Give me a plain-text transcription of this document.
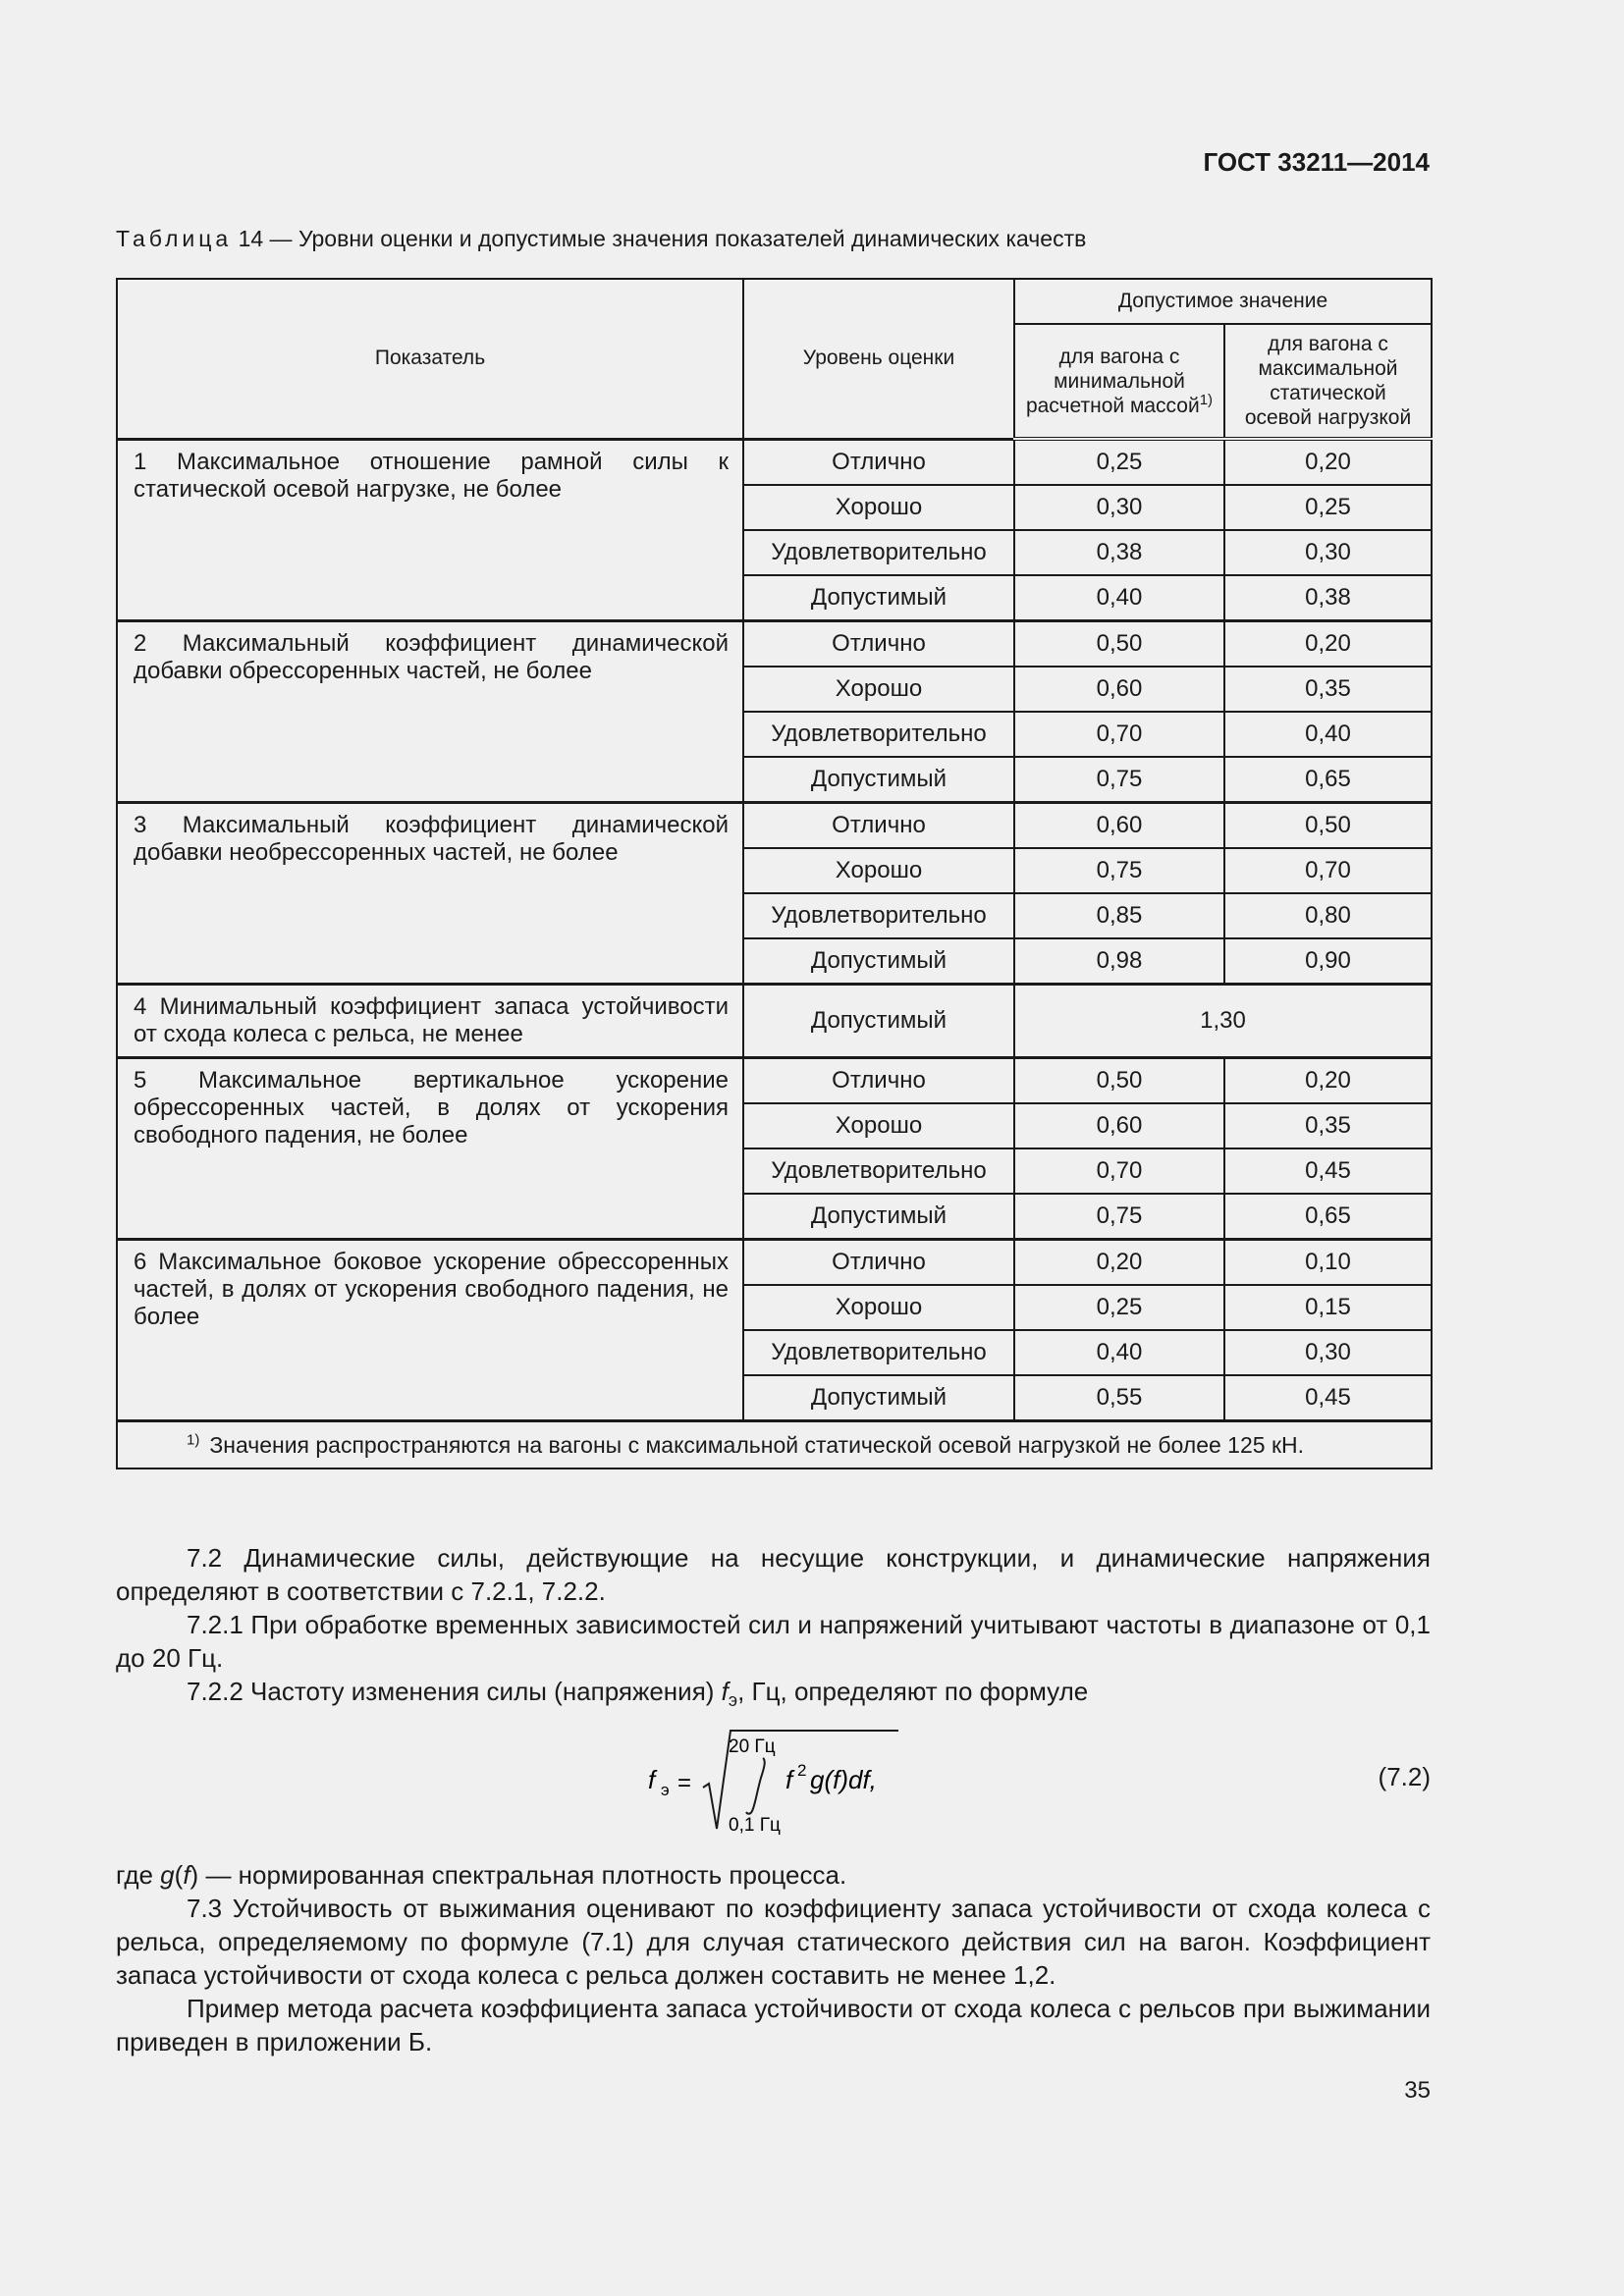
ГОСТ 33211—2014
Таблица 14 — Уровни оценки и допустимые значения показателей динамических качеств
Показатель	Уровень оценки	Допустимое значение	
		для вагона с минимальной расчетной массой$^{1)}$	для вагона с максимальной статической осевой нагрузкой
1 Максимальное отношение рамной силы к статической осевой нагрузке, не более	Отлично	0,25	0,20
	Хорошо	0,30	0,25
	Удовлетворительно	0,38	0,30
	Допустимый	0,40	0,38
2 Максимальный коэффициент динамической добавки обрессоренных частей, не более	Отлично	0,50	0,20
	Хорошо	0,60	0,35
	Удовлетворительно	0,70	0,40
	Допустимый	0,75	0,65
3 Максимальный коэффициент динамической добавки необрессоренных частей, не более	Отлично	0,60	0,50
	Хорошо	0,75	0,70
	Удовлетворительно	0,85	0,80
	Допустимый	0,98	0,90
4 Минимальный коэффициент запаса устойчивости от схода колеса с рельса, не менее	Допустимый	1,30	
5 Максимальное вертикальное ускорение обрессоренных частей, в долях от ускорения свободного падения, не более	Отлично	0,50	0,20
	Хорошо	0,60	0,35
	Удовлетворительно	0,70	0,45
	Допустимый	0,75	0,65
6 Максимальное боковое ускорение обрессоренных частей, в долях от ускорения свободного падения, не более	Отлично	0,20	0,10
	Хорошо	0,25	0,15
	Удовлетворительно	0,40	0,30
	Допустимый	0,55	0,45
$^{1)}$ Значения распространяются на вагоны с максимальной статической осевой нагрузкой не более 125 кН.			

7.2 Динамические силы, действующие на несущие конструкции, и динамические напряжения определяют в соответствии с 7.2.1, 7.2.2.

7.2.1 При обработке временных зависимостей сил и напряжений учитывают частоты в диапазоне от 0,1 до 20 Гц.

7.2.2 Частоту изменения силы (напряжения) $f_э$, Гц, определяют по формуле

f э =
20 Гц
0,1 Гц
f 2 g(f)df,	(7.2)

где g(f) — нормированная спектральная плотность процесса.

7.3 Устойчивость от выжимания оценивают по коэффициенту запаса устойчивости от схода колеса с рельса, определяемому по формуле (7.1) для случая статического действия сил на вагон. Коэффициент запаса устойчивости от схода колеса с рельса должен составить не менее 1,2.

Пример метода расчета коэффициента запаса устойчивости от схода колеса с рельсов при выжимании приведен в приложении Б.

35
